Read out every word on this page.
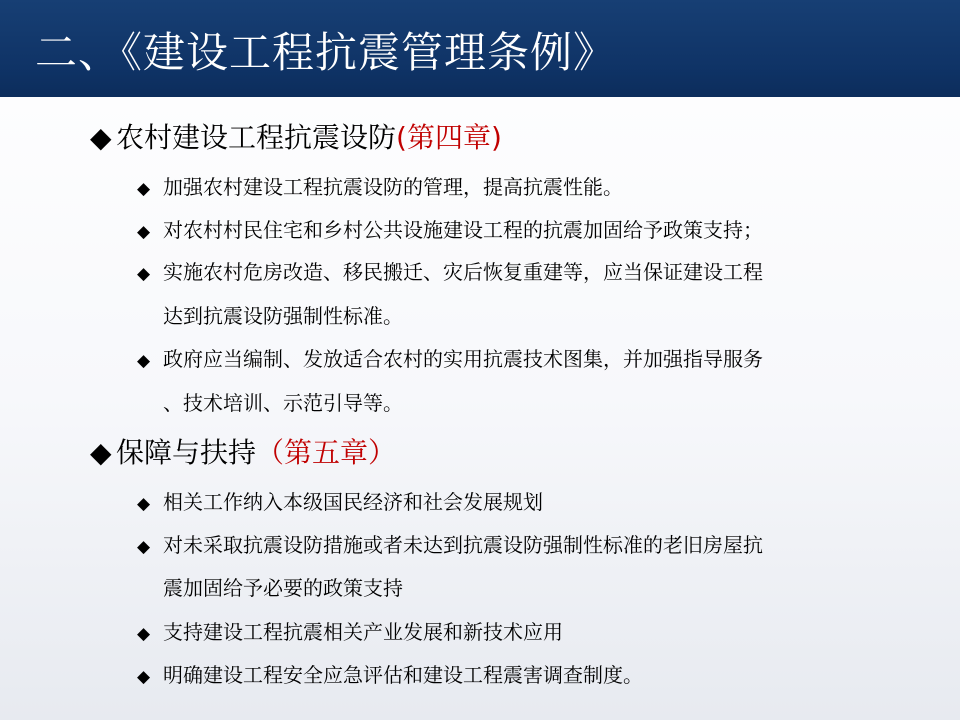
二、《建设工程抗震管理条例》
◆ 农村建设工程抗震设防(第四章)
◆ 加强农村建设工程抗震设防的管理，提高抗震性能。
◆ 对农村村民住宅和乡村公共设施建设工程的抗震加固给予政策支持；
◆ 实施农村危房改造、移民搬迁、灾后恢复重建等，应当保证建设工程
达到抗震设防强制性标准。
◆ 政府应当编制、发放适合农村的实用抗震技术图集，并加强指导服务
、技术培训、示范引导等。
◆ 保障与扶持（第五章）
◆ 相关工作纳入本级国民经济和社会发展规划
◆ 对未采取抗震设防措施或者未达到抗震设防强制性标准的老旧房屋抗
震加固给予必要的政策支持
◆ 支持建设工程抗震相关产业发展和新技术应用
◆ 明确建设工程安全应急评估和建设工程震害调查制度。
